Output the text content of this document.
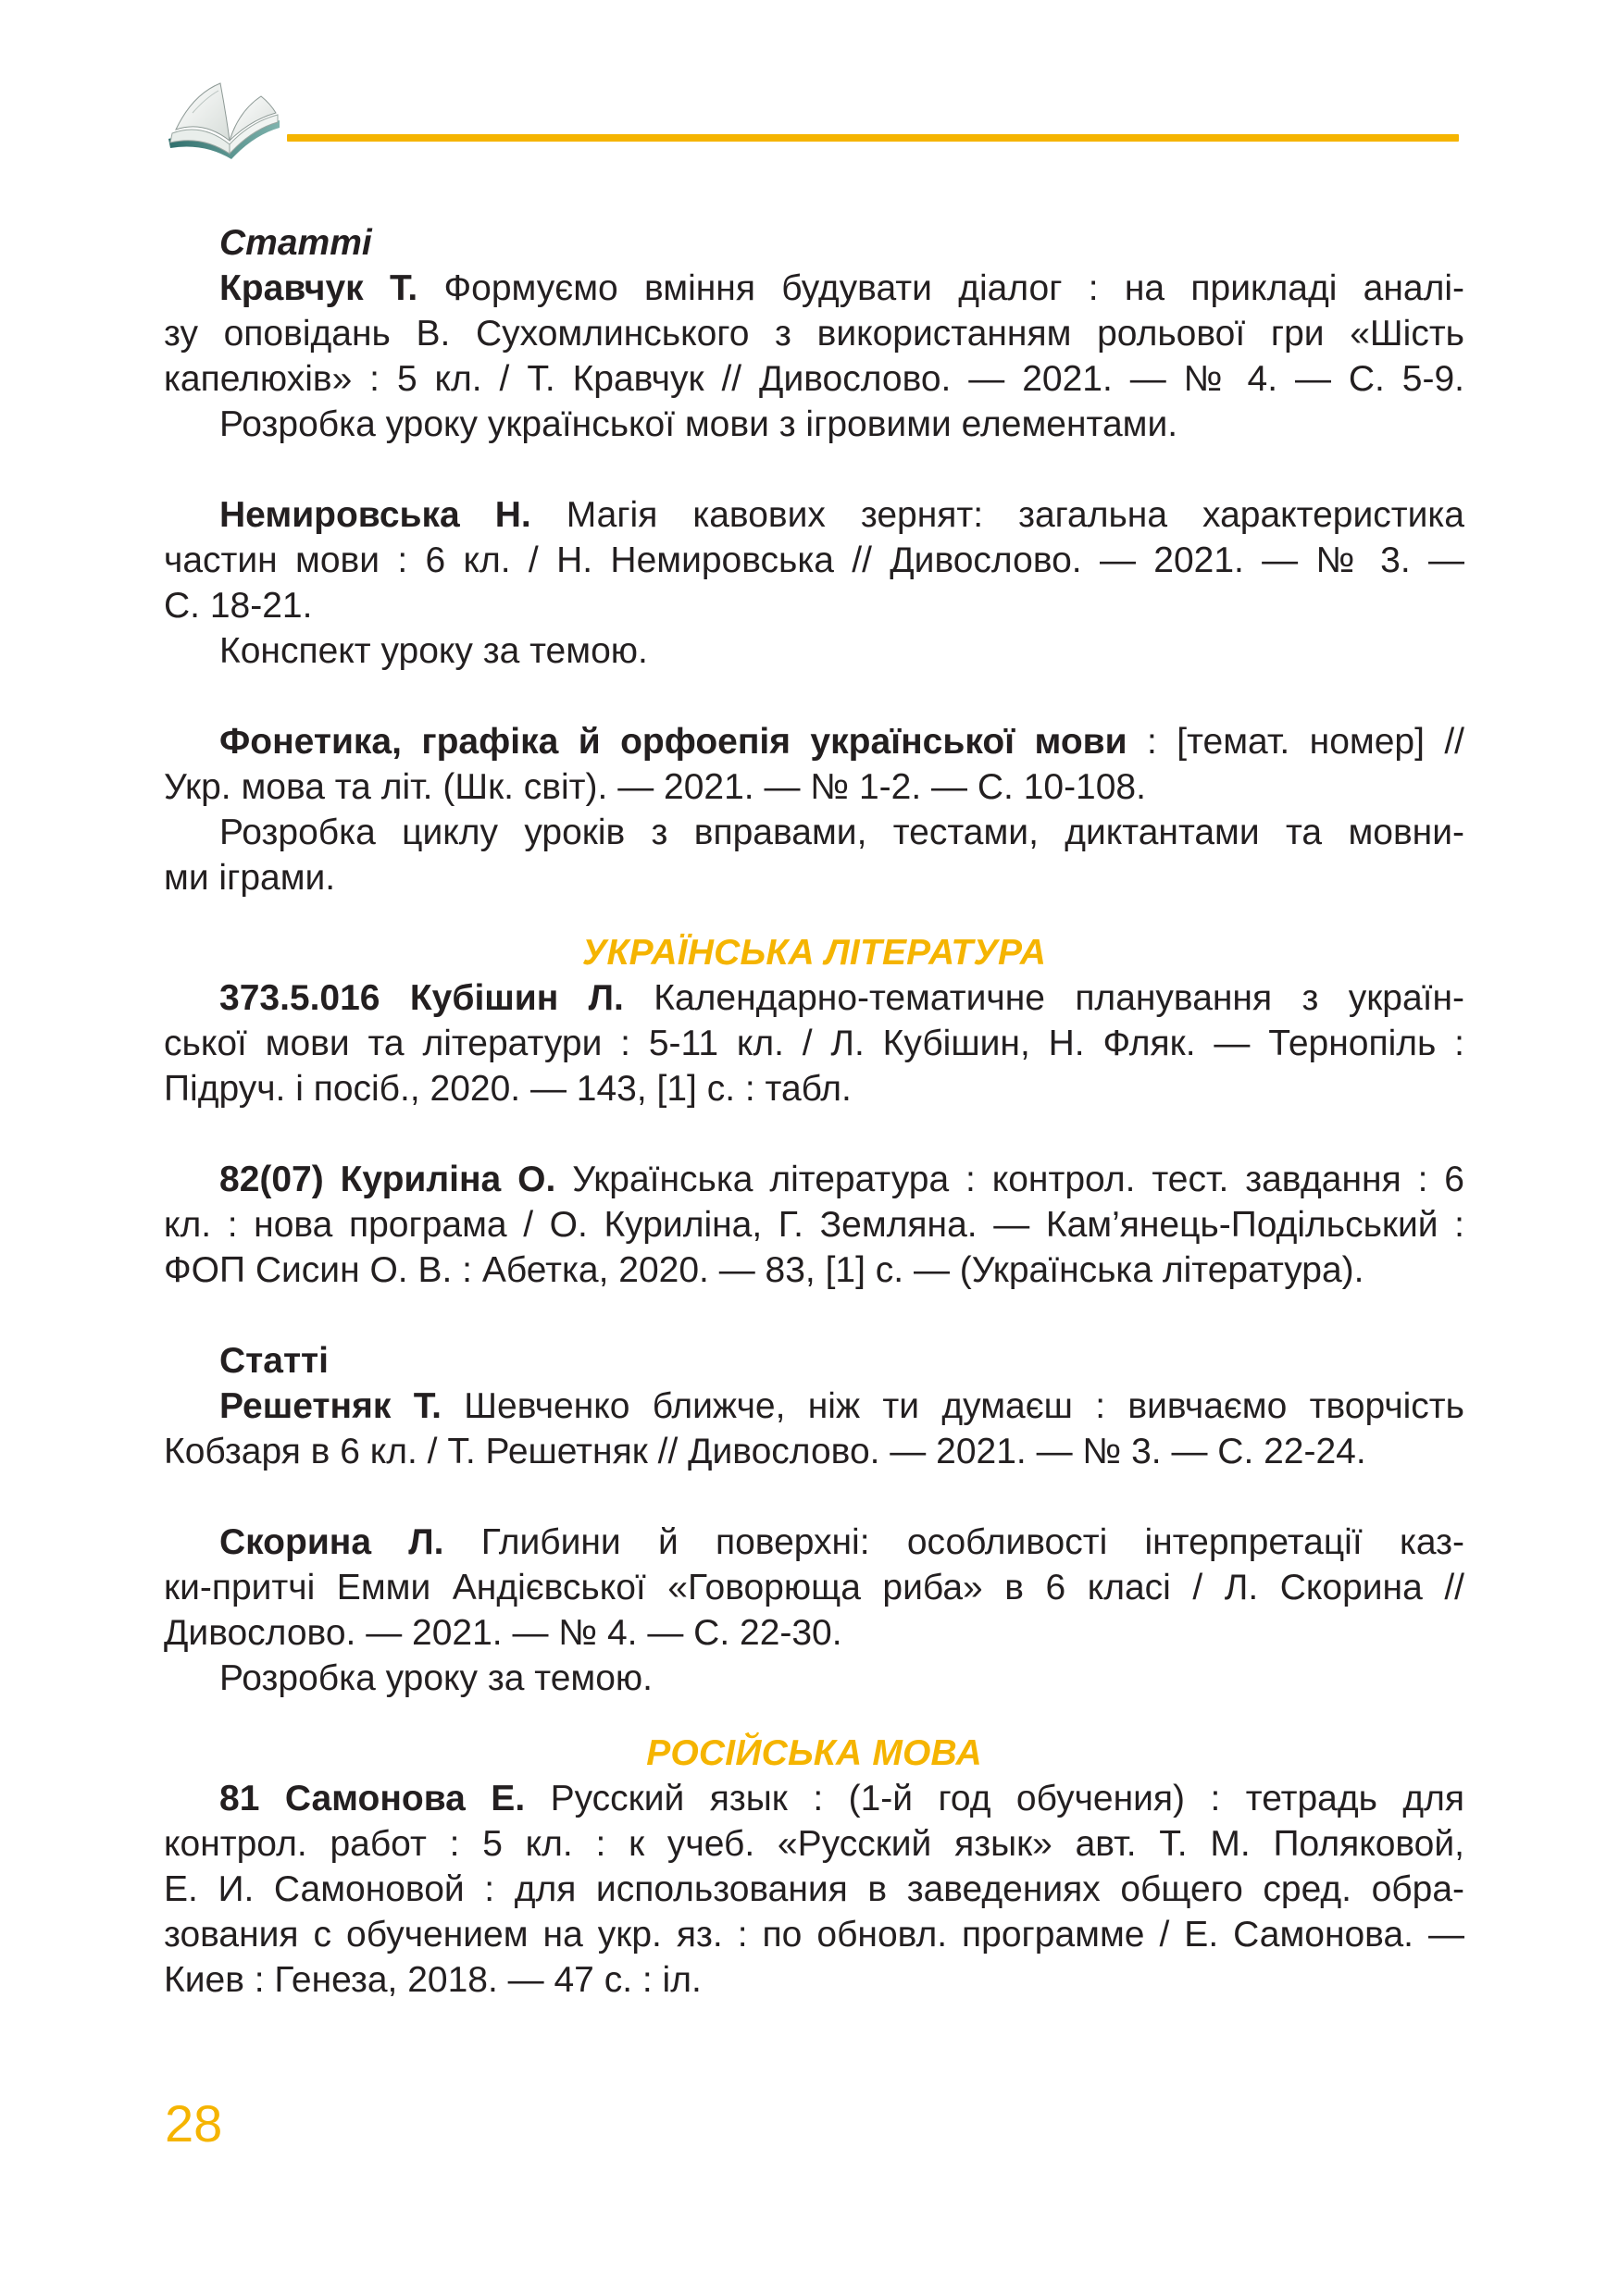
Статті

Кравчук Т. Формуємо вміння будувати діалог : на прикладі аналі-

зу оповідань В. Сухомлинського з використанням рольової гри «Шість

капелюхів» : 5 кл. / Т. Кравчук // Дивослово. — 2021. — № 4. — С. 5-9.

Розробка уроку української мови з ігровими елементами.

Немировська Н. Магія кавових зернят: загальна характеристика

частин мови : 6 кл. / Н. Немировська // Дивослово. — 2021. — № 3. —

С. 18-21.

Конспект уроку за темою.

Фонетика, графіка й орфоепія української мови : [темат. номер] //

Укр. мова та літ. (Шк. світ). — 2021. — № 1-2. — С. 10-108.

Розробка циклу уроків з вправами, тестами, диктантами та мовни-

ми іграми.

УКРАЇНСЬКА ЛІТЕРАТУРА

373.5.016 Кубішин Л. Календарно-тематичне планування з україн-

ської мови та літератури : 5-11 кл. / Л. Кубішин, Н. Фляк. — Тернопіль :

Підруч. і посіб., 2020. — 143, [1] с. : табл.

82(07) Куриліна О. Українська література : контрол. тест. завдання : 6

кл. : нова програма / О. Куриліна, Г. Земляна. — Кам’янець-Подільський :

ФОП Сисин О. В. : Абетка, 2020. — 83, [1] с. — (Українська література).

Статті

Решетняк Т. Шевченко ближче, ніж ти думаєш : вивчаємо творчість

Кобзаря в 6 кл. / Т. Решетняк // Дивослово. — 2021. — № 3. — С. 22-24.

Скорина Л. Глибини й поверхні: особливості інтерпретації каз-

ки-притчі Емми Андієвської «Говорюща риба» в 6 класі / Л. Скорина //

Дивослово. — 2021. — № 4. — С. 22-30.

Розробка уроку за темою.

РОСІЙСЬКА МОВА

81 Самонова Е. Русский язык : (1-й год обучения) : тетрадь для

контрол. работ : 5 кл. : к учеб. «Русский язык» авт. Т. М. Поляковой,

Е. И. Самоновой : для использования в заведениях общего сред. обра-

зования с обучением на укр. яз. : по обновл. программе / Е. Самонова. —

Киев : Генеза, 2018. — 47 с. : іл.

28
